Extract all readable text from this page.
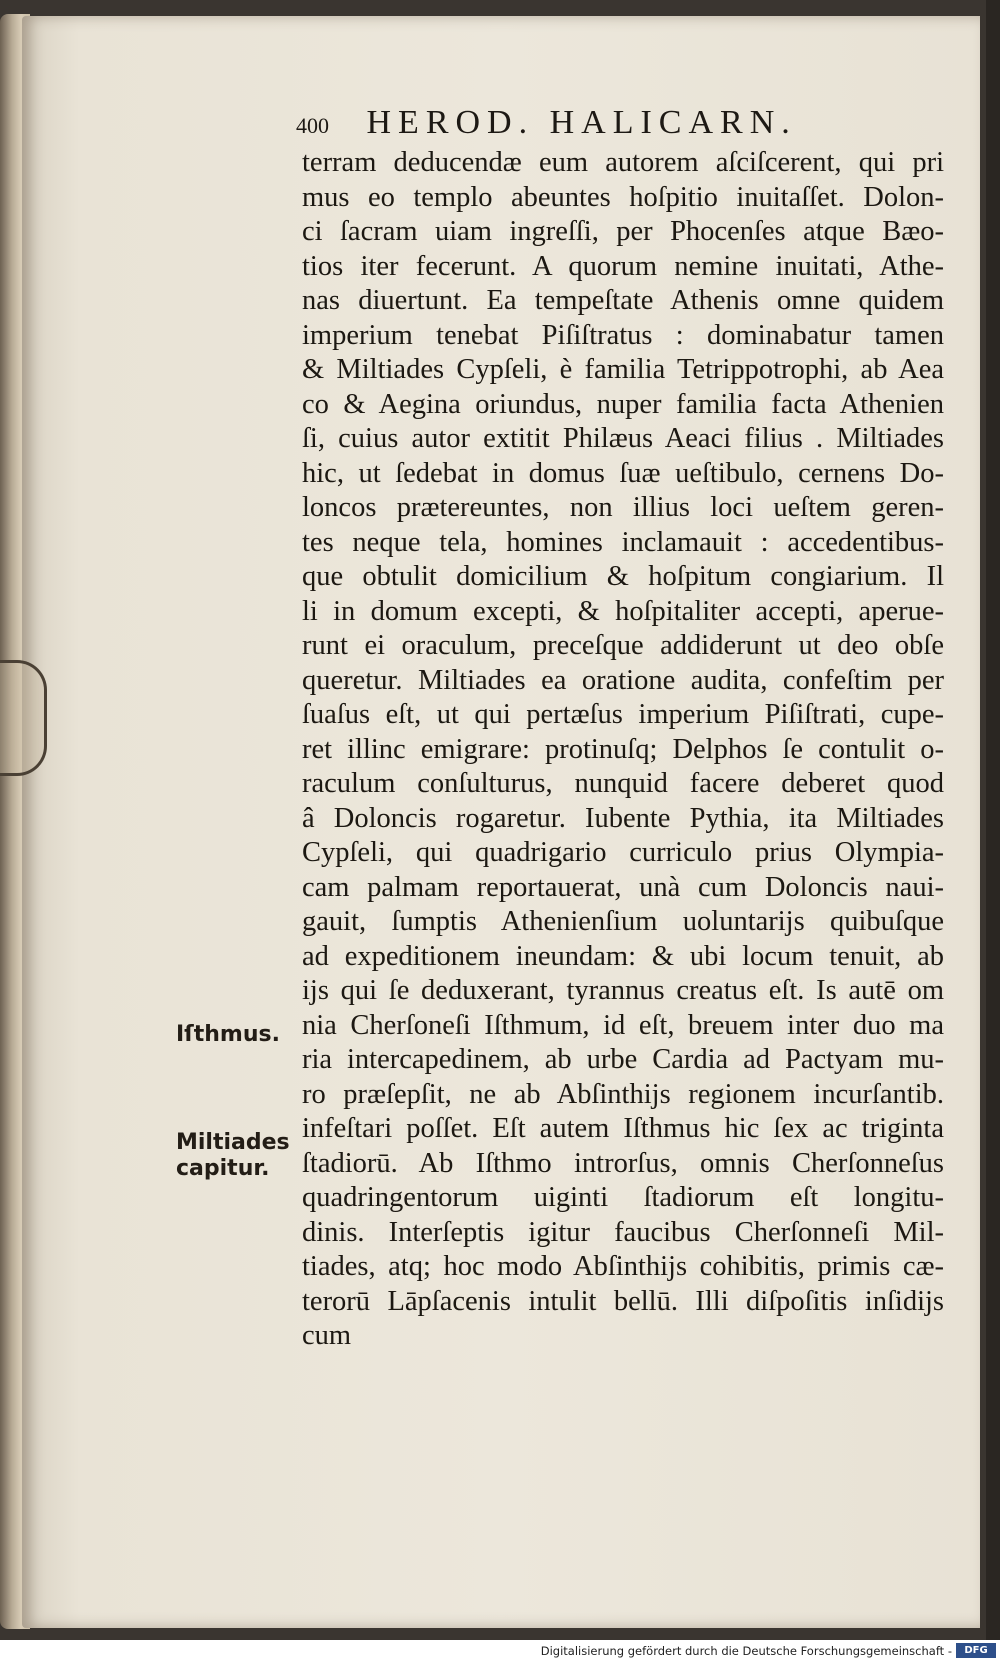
400 HEROD. HALICARN.
terram deducendæ eum autorem aſciſcerent, qui pri
mus eo templo abeuntes hoſpitio inuitaſſet. Dolon-
ci ſacram uiam ingreſſi, per Phocenſes atque Bæo-
tios iter fecerunt. A quorum nemine inuitati, Athe-
nas diuertunt. Ea tempeſtate Athenis omne quidem
imperium tenebat Piſiſtratus : dominabatur tamen
& Miltiades Cypſeli, è familia Tetrippotrophi, ab Aea
co & Aegina oriundus, nuper familia facta Athenien
ſi, cuius autor extitit Philæus Aeaci filius . Miltiades
hic, ut ſedebat in domus ſuæ ueſtibulo, cernens Do-
loncos prætereuntes, non illius loci ueſtem geren-
tes neque tela, homines inclamauit : accedentibus-
que obtulit domicilium & hoſpitum congiarium. Il
li in domum excepti, & hoſpitaliter accepti, aperue-
runt ei oraculum, preceſque addiderunt ut deo obſe
queretur. Miltiades ea oratione audita, confeſtim per
ſuaſus eſt, ut qui pertæſus imperium Piſiſtrati, cupe-
ret illinc emigrare: protinuſq; Delphos ſe contulit o-
raculum conſulturus, nunquid facere deberet quod
â Doloncis rogaretur. Iubente Pythia, ita Miltiades
Cypſeli, qui quadrigario curriculo prius Olympia-
cam palmam reportauerat, unà cum Doloncis naui-
gauit, ſumptis Athenienſium uoluntarijs quibuſque
ad expeditionem ineundam: & ubi locum tenuit, ab
ijs qui ſe deduxerant, tyrannus creatus eſt. Is autē om
nia Cherſoneſi Iſthmum, id eſt, breuem inter duo ma
ria intercapedinem, ab urbe Cardia ad Pactyam mu-
ro præſepſit, ne ab Abſinthijs regionem incurſantib.
infeſtari poſſet. Eſt autem Iſthmus hic ſex ac triginta
ſtadiorū. Ab Iſthmo introrſus, omnis Cherſonneſus
quadringentorum uiginti ſtadiorum eſt longitu-
dinis. Interſeptis igitur faucibus Cherſonneſi Mil-
tiades, atq; hoc modo Abſinthijs cohibitis, primis cæ-
terorū Lāpſacenis intulit bellū. Illi diſpoſitis inſidijs
cum
Iſthmus.
Miltiades
capitur.
Digitalisierung gefördert durch die Deutsche Forschungsgemeinschaft -	DFG
